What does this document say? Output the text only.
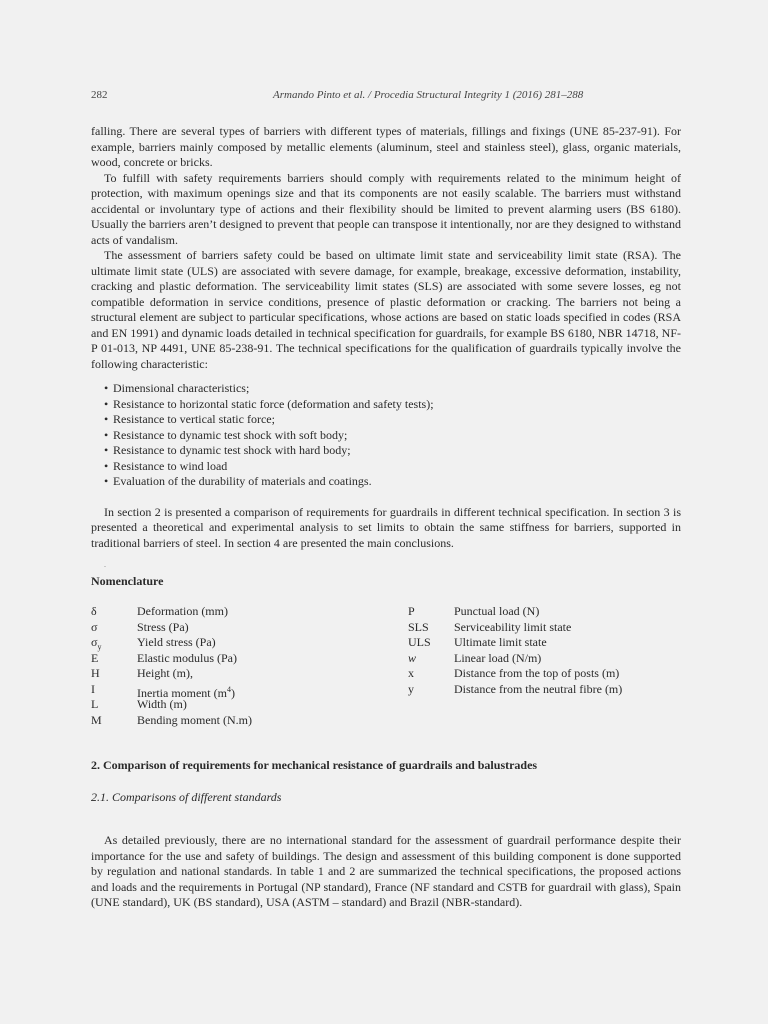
282	Armando Pinto et al. / Procedia Structural Integrity 1 (2016) 281–288

falling. There are several types of barriers with different types of materials, fillings and fixings (UNE 85-237-91). For example, barriers mainly composed by metallic elements (aluminum, steel and stainless steel), glass, organic materials, wood, concrete or bricks.

To fulfill with safety requirements barriers should comply with requirements related to the minimum height of protection, with maximum openings size and that its components are not easily scalable. The barriers must withstand accidental or involuntary type of actions and their flexibility should be limited to prevent alarming users (BS 6180). Usually the barriers aren’t designed to prevent that people can transpose it intentionally, nor are they designed to withstand acts of vandalism.

The assessment of barriers safety could be based on ultimate limit state and serviceability limit state (RSA). The ultimate limit state (ULS) are associated with severe damage, for example, breakage, excessive deformation, instability, cracking and plastic deformation. The serviceability limit states (SLS) are associated with some severe losses, eg not compatible deformation in service conditions, presence of plastic deformation or cracking. The barriers not being a structural element are subject to particular specifications, whose actions are based on static loads specified in codes (RSA and EN 1991) and dynamic loads detailed in technical specification for guardrails, for example BS 6180, NBR 14718, NF-P 01-013, NP 4491, UNE 85-238-91. The technical specifications for the qualification of guardrails typically involve the following characteristic:

• Dimensional characteristics;
• Resistance to horizontal static force (deformation and safety tests);
• Resistance to vertical static force;
• Resistance to dynamic test shock with soft body;
• Resistance to dynamic test shock with hard body;
• Resistance to wind load
• Evaluation of the durability of materials and coatings.

In section 2 is presented a comparison of requirements for guardrails in different technical specification. In section 3 is presented a theoretical and experimental analysis to set limits to obtain the same stiffness for barriers, supported in traditional barriers of steel. In section 4 are presented the main conclusions.

.
Nomenclature
δ	Deformation (mm)
σ	Stress (Pa)
$\sigma_y$	Yield stress (Pa)
E	Elastic modulus (Pa)
H	Height (m),
I	Inertia moment $(m^4)$
L	Width (m)
M	Bending moment (N.m)
P	Punctual load (N)
SLS Serviceability limit state
ULS Ultimate limit state
w	Linear load (N/m)
x	Distance from the top of posts (m)
y	Distance from the neutral fibre (m)
2. Comparison of requirements for mechanical resistance of guardrails and balustrades
2.1. Comparisons of different standards

As detailed previously, there are no international standard for the assessment of guardrail performance despite their importance for the use and safety of buildings. The design and assessment of this building component is done supported by regulation and national standards. In table 1 and 2 are summarized the technical specifications, the proposed actions and loads and the requirements in Portugal (NP standard), France (NF standard and CSTB for guardrail with glass), Spain (UNE standard), UK (BS standard), USA (ASTM – standard) and Brazil (NBR-standard).
